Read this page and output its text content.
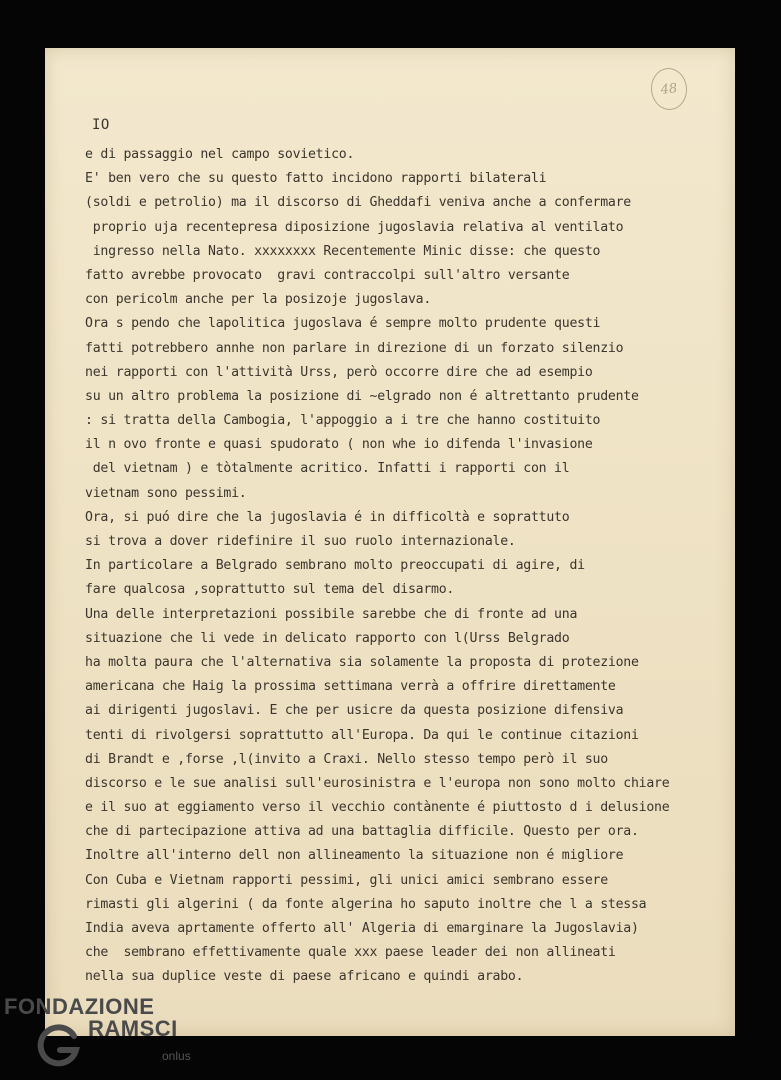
48
IO
e di passaggio nel campo sovietico.
E' ben vero che su questo fatto incidono rapporti bilaterali
(soldi e petrolio) ma il discorso di Gheddafi veniva anche a confermare
proprio uja recentepresa diposizione jugoslavia relativa al ventilato
ingresso nella Nato. xxxxxxxx Recentemente Minic disse: che questo
fatto avrebbe provocato  gravi contraccolpi sull'altro versante
con pericolm anche per la posizoje jugoslava.
Ora s pendo che lapolitica jugoslava é sempre molto prudente questi
fatti potrebbero annhe non parlare in direzione di un forzato silenzio
nei rapporti con l'attività Urss, però occorre dire che ad esempio
su un altro problema la posizione di ~elgrado non é altrettanto prudente
: si tratta della Cambogia, l'appoggio a i tre che hanno costituito
il n ovo fronte e quasi spudorato ( non whe io difenda l'invasione
del vietnam ) e tòtalmente acritico. Infatti i rapporti con il
vietnam sono pessimi.
Ora, si puó dire che la jugoslavia é in difficoltà e soprattuto
si trova a dover ridefinire il suo ruolo internazionale.
In particolare a Belgrado sembrano molto preoccupati di agire, di
fare qualcosa ,soprattutto sul tema del disarmo.
Una delle interpretazioni possibile sarebbe che di fronte ad una
situazione che li vede in delicato rapporto con l(Urss Belgrado
ha molta paura che l'alternativa sia solamente la proposta di protezione
americana che Haig la prossima settimana verrà a offrire direttamente
ai dirigenti jugoslavi. E che per usicre da questa posizione difensiva
tenti di rivolgersi soprattutto all'Europa. Da qui le continue citazioni
di Brandt e ,forse ,l(invito a Craxi. Nello stesso tempo però il suo
discorso e le sue analisi sull'eurosinistra e l'europa non sono molto chiare
e il suo at eggiamento verso il vecchio contànente é piuttosto d i delusione
che di partecipazione attiva ad una battaglia difficile. Questo per ora.
Inoltre all'interno dell non allineamento la situazione non é migliore
Con Cuba e Vietnam rapporti pessimi, gli unici amici sembrano essere
rimasti gli algerini ( da fonte algerina ho saputo inoltre che l a stessa
India aveva aprtamente offerto all' Algeria di emarginare la Jugoslavia)
che  sembrano effettivamente quale xxx paese leader dei non allineati
nella sua duplice veste di paese africano e quindi arabo.
FONDAZIONE
RAMSCI
onlus
